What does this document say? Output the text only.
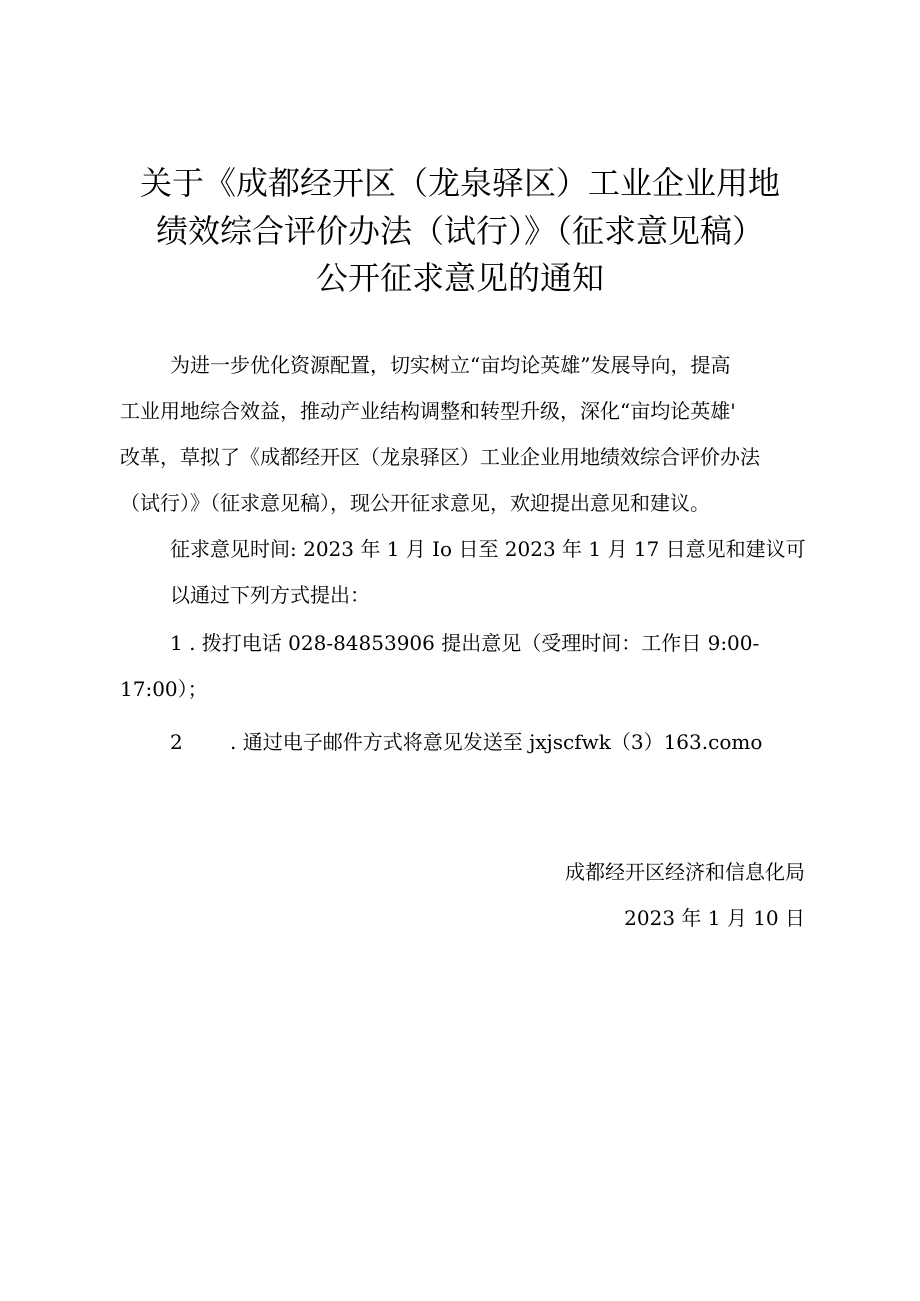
关于《成都经开区（龙泉驿区）工业企业用地
绩效综合评价办法（试行）》（征求意见稿）
公开征求意见的通知
为进一步优化资源配置，切实树立“亩均论英雄”发展导向，提高
工业用地综合效益，推动产业结构调整和转型升级，深化“亩均论英雄'
改革，草拟了《成都经开区（龙泉驿区）工业企业用地绩效综合评价办法
（试行）》（征求意见稿），现公开征求意见，欢迎提出意见和建议。
征求意见时间: 2023 年 1 月 Io 日至 2023 年 1 月 17 日意见和建议可
以通过下列方式提出：
1 . 拨打电话 028-84853906 提出意见（受理时间：工作日 9:00-
17:00）；
2 . 通过电子邮件方式将意见发送至 jxjscfwk（3）163.como
成都经开区经济和信息化局
2023 年 1 月 10 日
